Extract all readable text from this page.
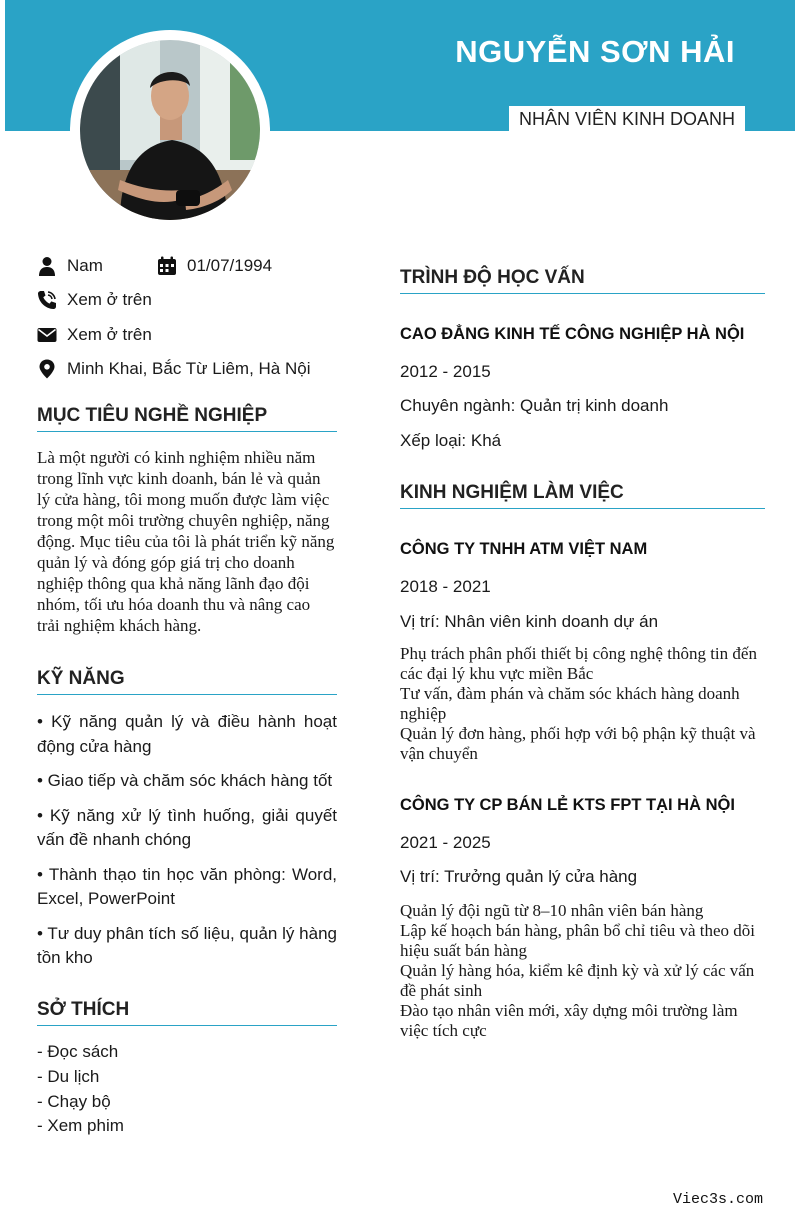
NGUYỄN SƠN HẢI
NHÂN VIÊN KINH DOANH
Nam	01/07/1994
Xem ở trên
Xem ở trên
Minh Khai, Bắc Từ Liêm, Hà Nội
MỤC TIÊU NGHỀ NGHIỆP
Là một người có kinh nghiệm nhiều năm trong lĩnh vực kinh doanh, bán lẻ và quản lý cửa hàng, tôi mong muốn được làm việc trong một môi trường chuyên nghiệp, năng động. Mục tiêu của tôi là phát triển kỹ năng quản lý và đóng góp giá trị cho doanh nghiệp thông qua khả năng lãnh đạo đội nhóm, tối ưu hóa doanh thu và nâng cao trải nghiệm khách hàng.
KỸ NĂNG
• Kỹ năng quản lý và điều hành hoạt động cửa hàng
• Giao tiếp và chăm sóc khách hàng tốt
• Kỹ năng xử lý tình huống, giải quyết vấn đề nhanh chóng
• Thành thạo tin học văn phòng: Word, Excel, PowerPoint
• Tư duy phân tích số liệu, quản lý hàng tồn kho
SỞ THÍCH
- Đọc sách
- Du lịch
- Chạy bộ
- Xem phim
TRÌNH ĐỘ HỌC VẤN
CAO ĐẲNG KINH TẾ CÔNG NGHIỆP HÀ NỘI
2012 - 2015
Chuyên ngành: Quản trị kinh doanh
Xếp loại: Khá
KINH NGHIỆM LÀM VIỆC
CÔNG TY TNHH ATM VIỆT NAM
2018 - 2021
Vị trí: Nhân viên kinh doanh dự án
Phụ trách phân phối thiết bị công nghệ thông tin đến các đại lý khu vực miền Bắc
Tư vấn, đàm phán và chăm sóc khách hàng doanh nghiệp
Quản lý đơn hàng, phối hợp với bộ phận kỹ thuật và vận chuyển
CÔNG TY CP BÁN LẺ KTS FPT TẠI HÀ NỘI
2021 - 2025
Vị trí: Trưởng quản lý cửa hàng
Quản lý đội ngũ từ 8–10 nhân viên bán hàng
Lập kế hoạch bán hàng, phân bổ chỉ tiêu và theo dõi hiệu suất bán hàng
Quản lý hàng hóa, kiểm kê định kỳ và xử lý các vấn đề phát sinh
Đào tạo nhân viên mới, xây dựng môi trường làm việc tích cực
Viec3s.com
